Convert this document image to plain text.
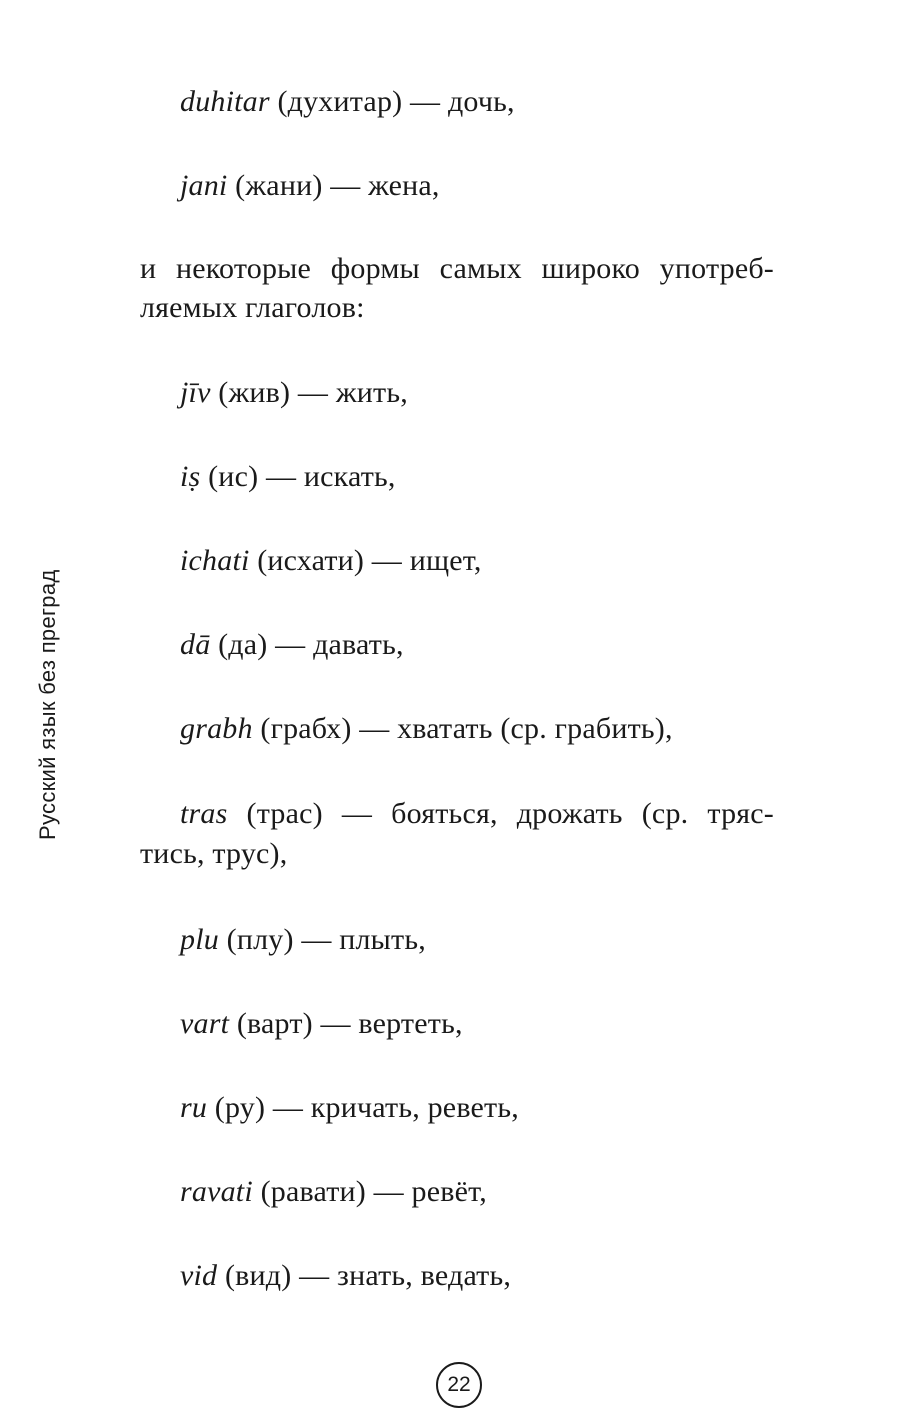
Русский язык без преград
duhitar (духитар) — дочь,
jani (жани) — жена,
и некоторые формы самых широко употреб-
ляемых глаголов:
jīv (жив) — жить,
iṣ (ис) — искать,
ichati (исхати) — ищет,
dā (да) — давать,
grabh (грабх) — хватать (ср. грабить),
tras (трас) — бояться, дрожать (ср. тряс-
тись, трус),
plu (плу) — плыть,
vart (варт) — вертеть,
ru (ру) — кричать, реветь,
ravati (равати) — ревёт,
vid (вид) — знать, ведать,
22
